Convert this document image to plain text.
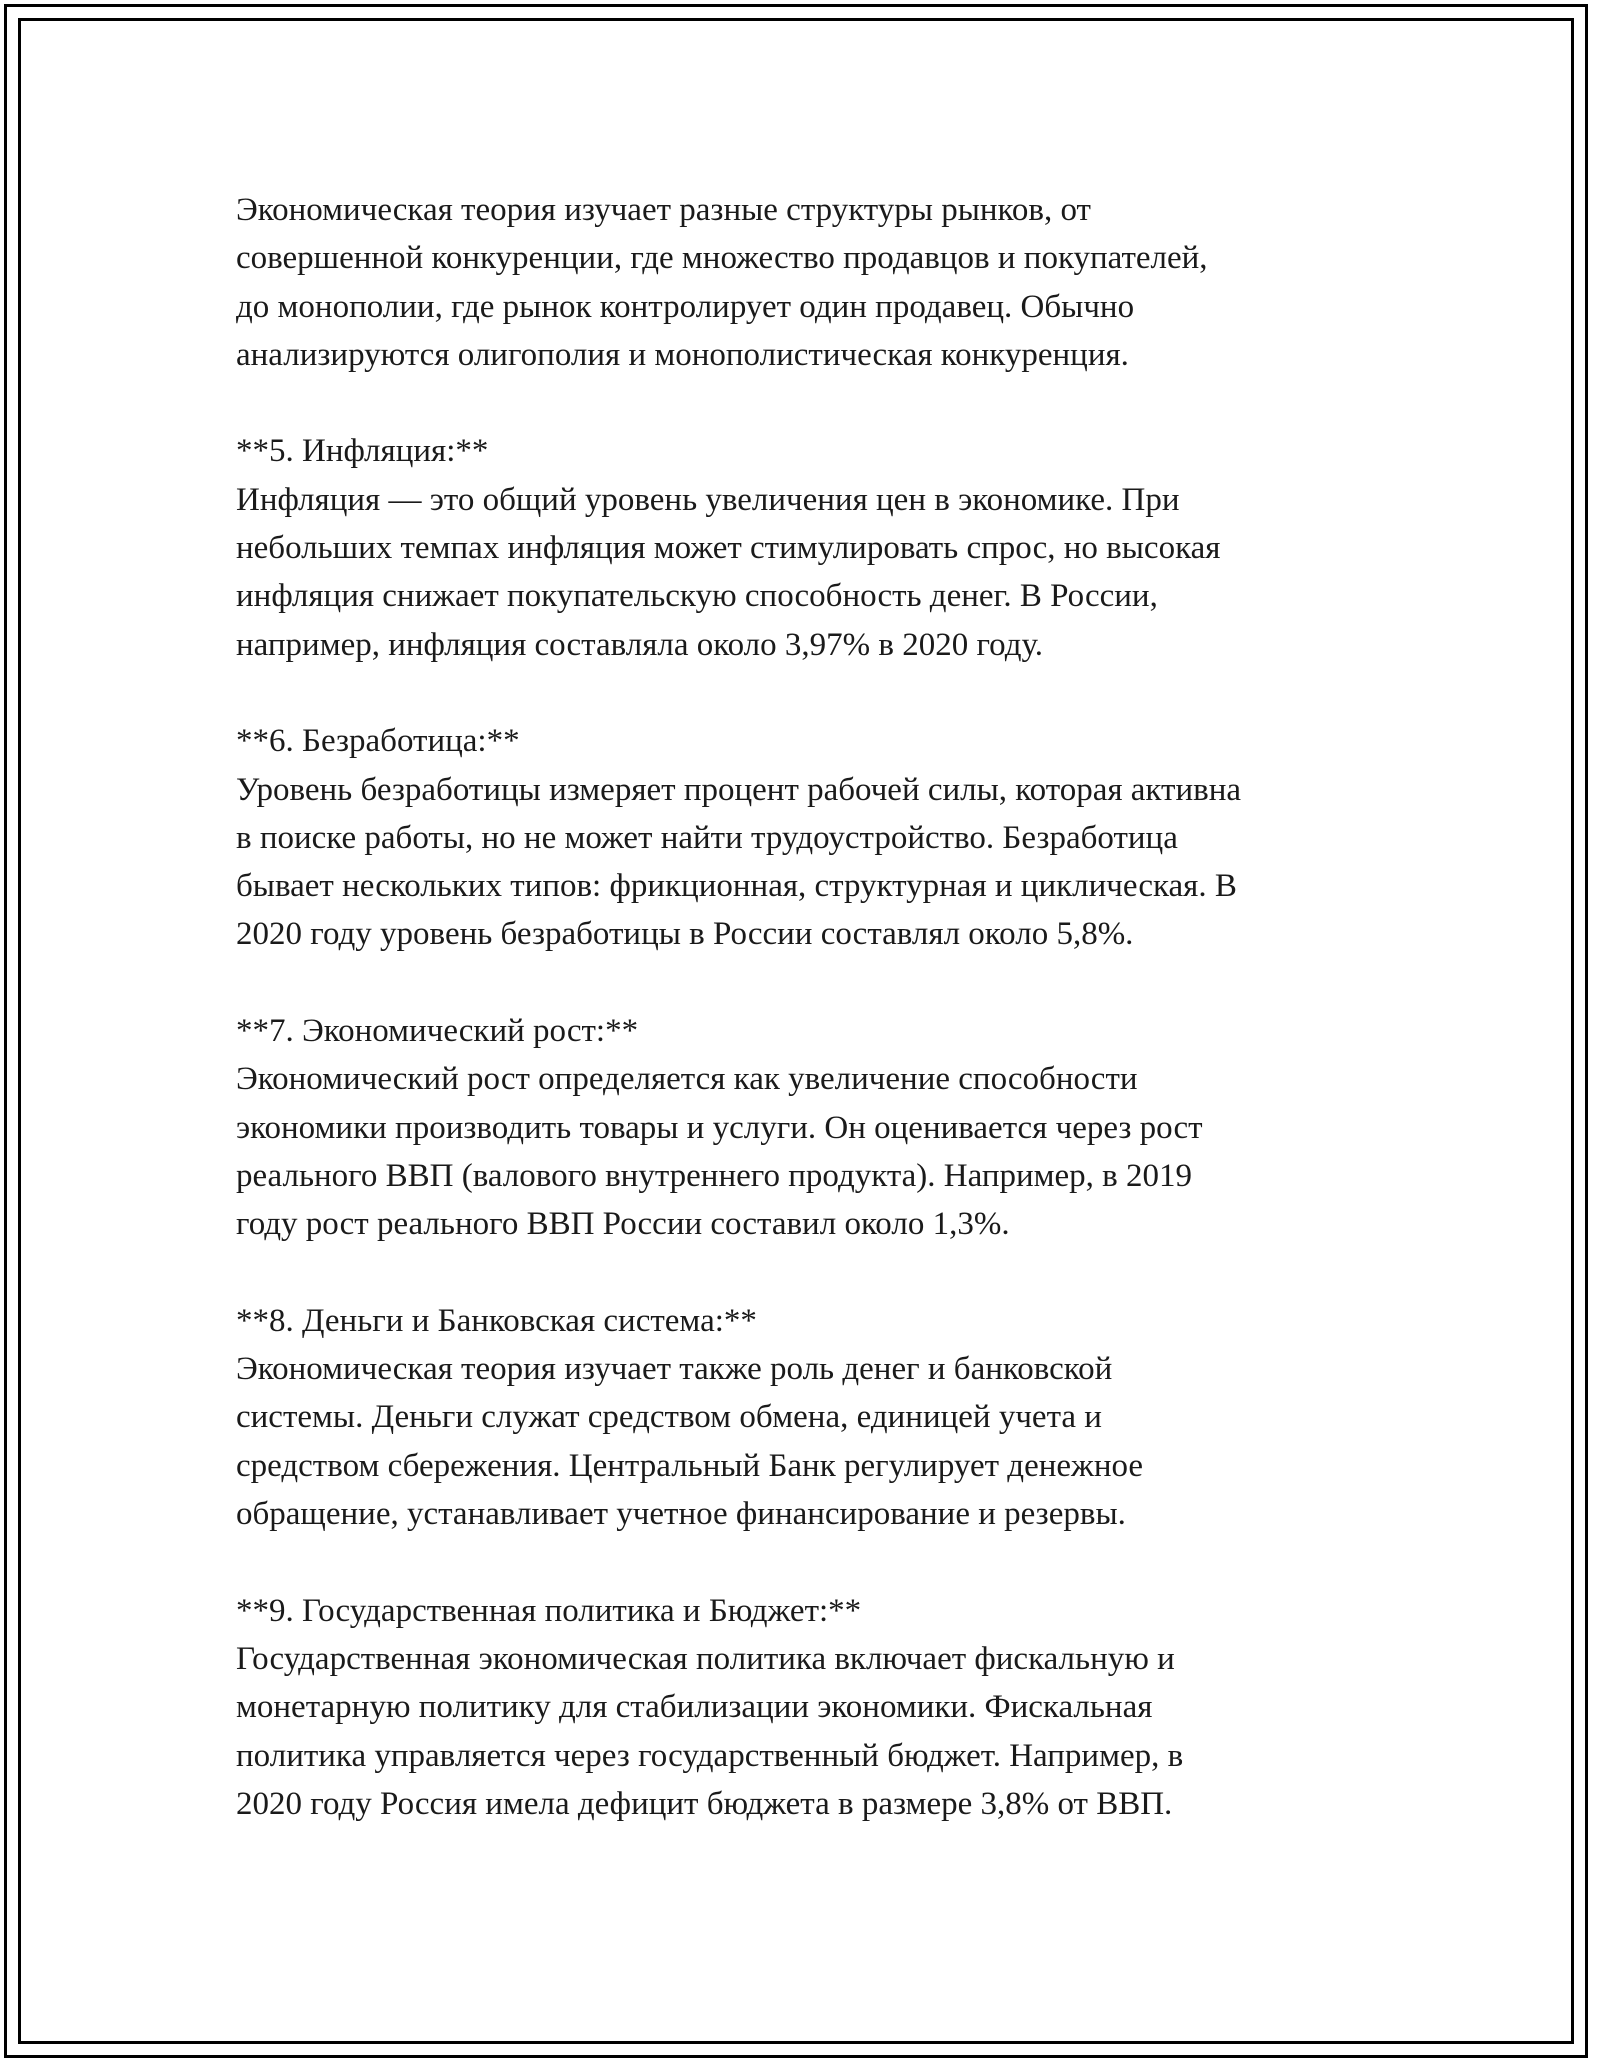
Экономическая теория изучает разные структуры рынков, от
совершенной конкуренции, где множество продавцов и покупателей,
до монополии, где рынок контролирует один продавец. Обычно
анализируются олигополия и монополистическая конкуренция.

**5. Инфляция:**
Инфляция — это общий уровень увеличения цен в экономике. При
небольших темпах инфляция может стимулировать спрос, но высокая
инфляция снижает покупательскую способность денег. В России,
например, инфляция составляла около 3,97% в 2020 году.

**6. Безработица:**
Уровень безработицы измеряет процент рабочей силы, которая активна
в поиске работы, но не может найти трудоустройство. Безработица
бывает нескольких типов: фрикционная, структурная и циклическая. В
2020 году уровень безработицы в России составлял около 5,8%.

**7. Экономический рост:**
Экономический рост определяется как увеличение способности
экономики производить товары и услуги. Он оценивается через рост
реального ВВП (валового внутреннего продукта). Например, в 2019
году рост реального ВВП России составил около 1,3%.

**8. Деньги и Банковская система:**
Экономическая теория изучает также роль денег и банковской
системы. Деньги служат средством обмена, единицей учета и
средством сбережения. Центральный Банк регулирует денежное
обращение, устанавливает учетное финансирование и резервы.

**9. Государственная политика и Бюджет:**
Государственная экономическая политика включает фискальную и
монетарную политику для стабилизации экономики. Фискальная
политика управляется через государственный бюджет. Например, в
2020 году Россия имела дефицит бюджета в размере 3,8% от ВВП.
